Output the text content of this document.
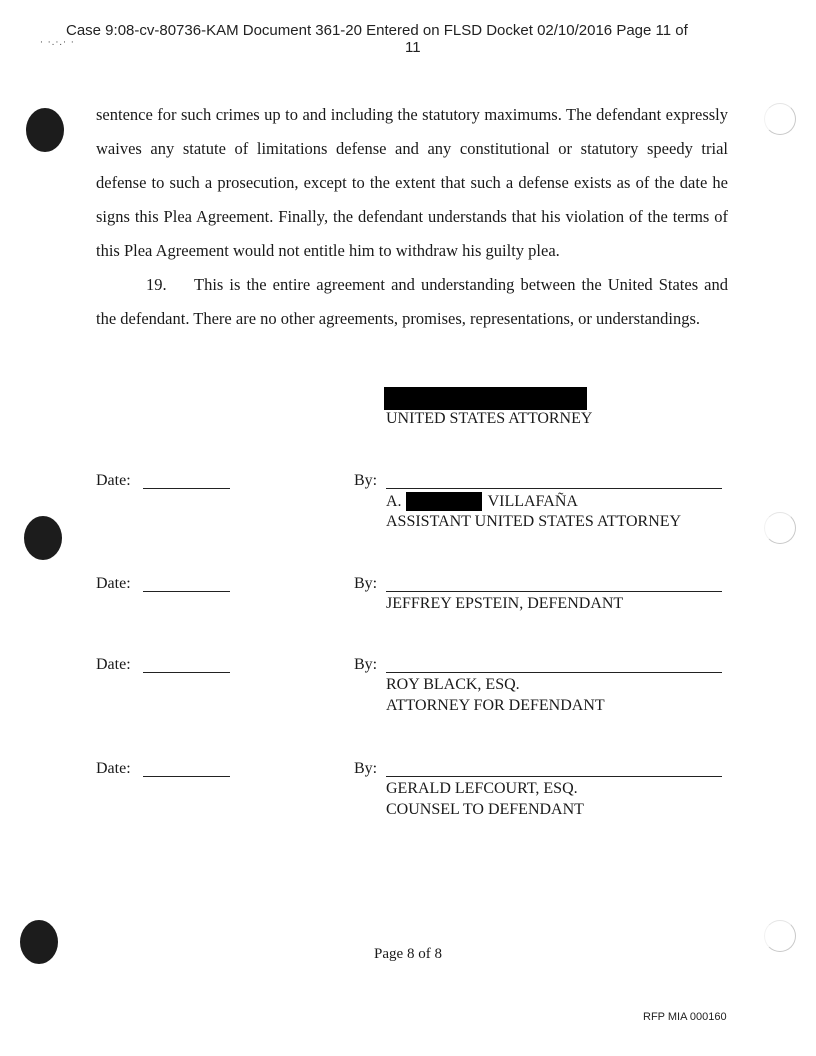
· ·.·.· ·
Case 9:08-cv-80736-KAM Document 361-20 Entered on FLSD Docket 02/10/2016 Page 11 of
11

sentence for such crimes up to and including the statutory maximums. The defendant expressly waives any statute of limitations defense and any constitutional or statutory speedy trial defense to such a prosecution, except to the extent that such a defense exists as of the date he signs this Plea Agreement. Finally, the defendant understands that his violation of the terms of this Plea Agreement would not entitle him to withdraw his guilty plea.

19. This is the entire agreement and understanding between the United States and the defendant. There are no other agreements, promises, representations, or understandings.

UNITED STATES ATTORNEY
Date:	By:
A.	VILLAFAÑA
ASSISTANT UNITED STATES ATTORNEY
Date:	By:
JEFFREY EPSTEIN, DEFENDANT
Date:	By:
ROY BLACK, ESQ.
ATTORNEY FOR DEFENDANT
Date:	By:
GERALD LEFCOURT, ESQ.
COUNSEL TO DEFENDANT
Page 8 of 8
RFP MIA 000160
